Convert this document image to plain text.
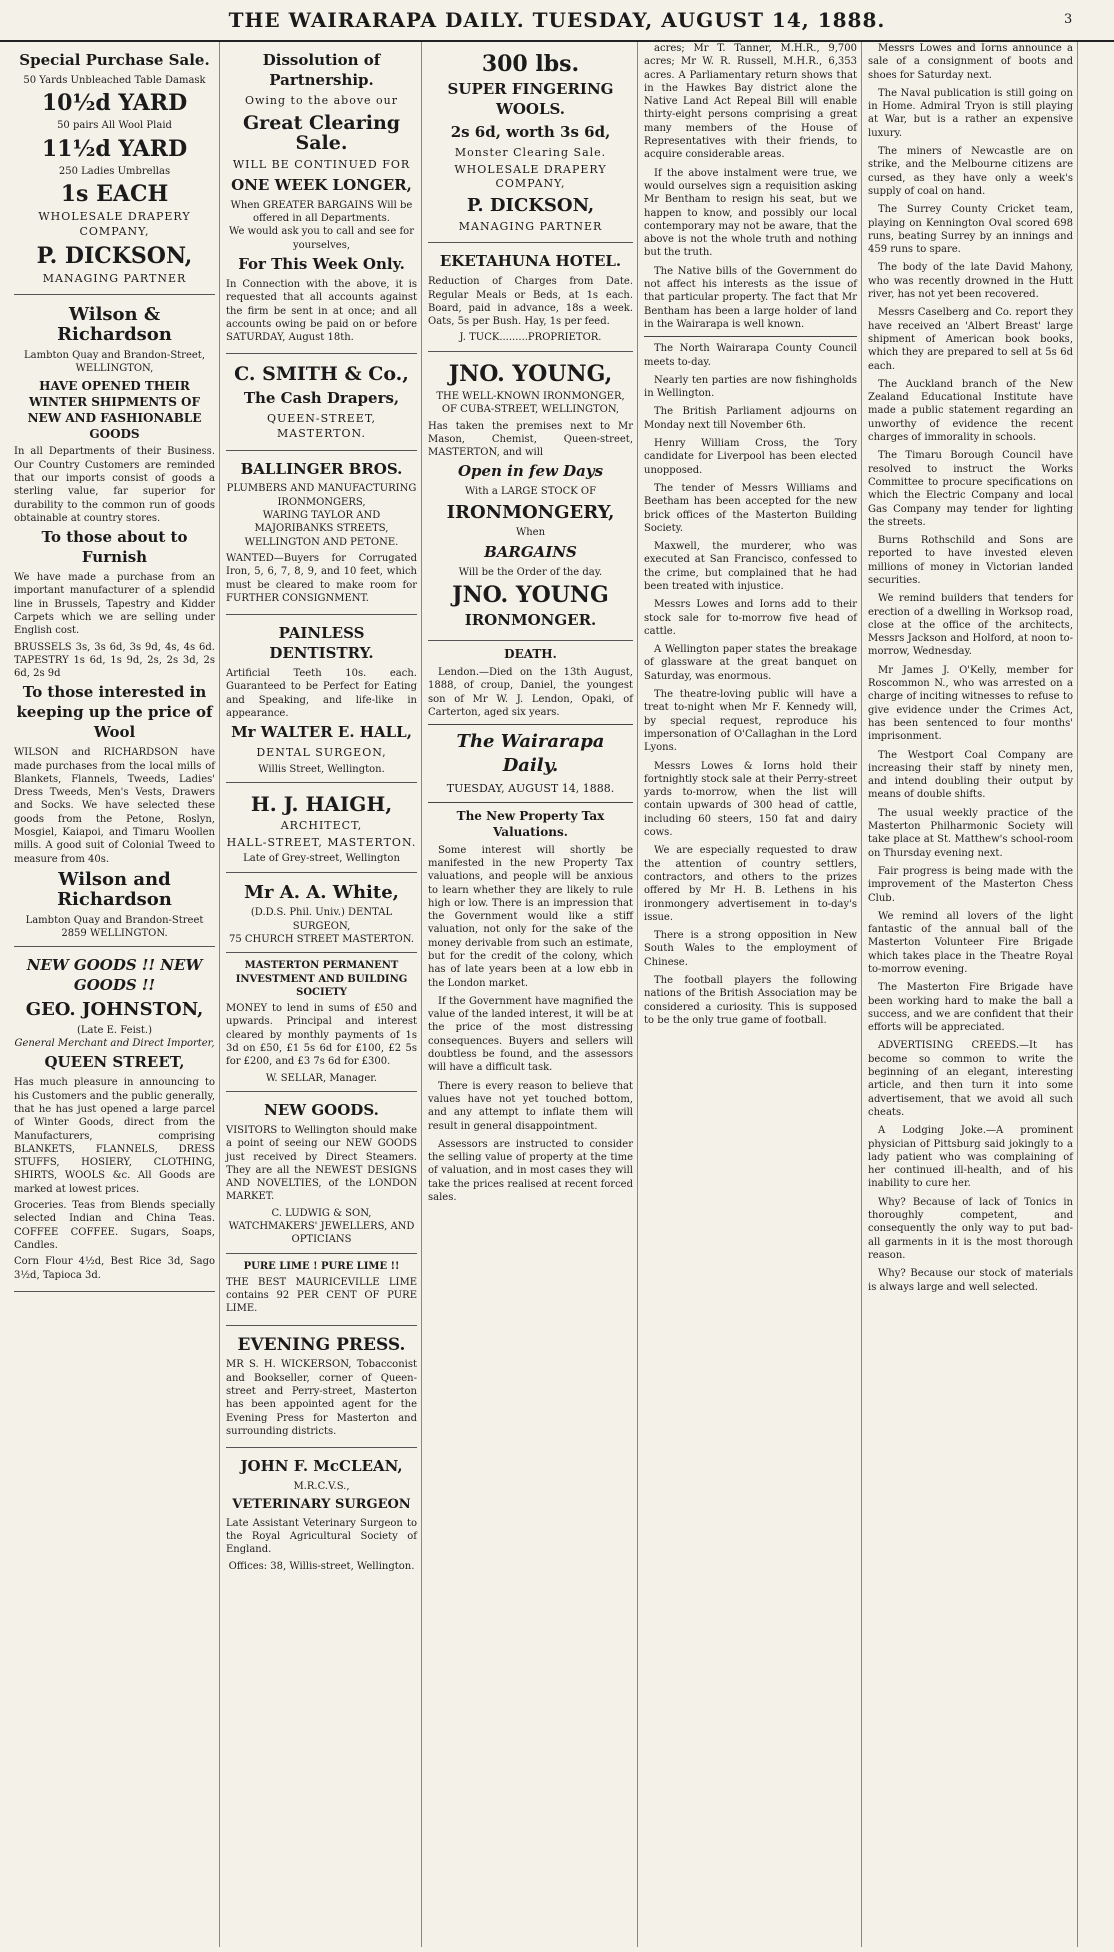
THE WAIRARAPA DAILY. TUESDAY, AUGUST 14, 1888.	3
Special Purchase Sale.
50 Yards Unbleached Table Damask
10½d YARD
50 pairs All Wool Plaid
11½d YARD
250 Ladies Umbrellas
1s EACH
WHOLESALE DRAPERY COMPANY,
P. DICKSON,
MANAGING PARTNER
Wilson & Richardson
Lambton Quay and Brandon-Street, WELLINGTON,
HAVE OPENED THEIR WINTER SHIPMENTS OF NEW AND FASHIONABLE GOODS

In all Departments of their Business. Our Country Customers are reminded that our imports consist of goods a sterling value, far superior for durability to the common run of goods obtainable at country stores.

To those about to Furnish

We have made a purchase from an important manufacturer of a splendid line in Brussels, Tapestry and Kidder Carpets which we are selling under English cost.

BRUSSELS 3s, 3s 6d, 3s 9d, 4s, 4s 6d. TAPESTRY 1s 6d, 1s 9d, 2s, 2s 3d, 2s 6d, 2s 9d

To those interested in keeping up the price of Wool

WILSON and RICHARDSON have made purchases from the local mills of Blankets, Flannels, Tweeds, Ladies' Dress Tweeds, Men's Vests, Drawers and Socks. We have selected these goods from the Petone, Roslyn, Mosgiel, Kaiapoi, and Timaru Woollen mills. A good suit of Colonial Tweed to measure from 40s.

Wilson and Richardson
Lambton Quay and Brandon-Street 2859 WELLINGTON.
NEW GOODS !! NEW GOODS !!
GEO. JOHNSTON,
(Late E. Feist.)
General Merchant and Direct Importer,
QUEEN STREET,

Has much pleasure in announcing to his Customers and the public generally, that he has just opened a large parcel of Winter Goods, direct from the Manufacturers, comprising BLANKETS, FLANNELS, DRESS STUFFS, HOSIERY, CLOTHING, SHIRTS, WOOLS &c. All Goods are marked at lowest prices.

Groceries. Teas from Blends specially selected Indian and China Teas. COFFEE COFFEE. Sugars, Soaps, Candles.

Corn Flour 4½d, Best Rice 3d, Sago 3½d, Tapioca 3d.

Dissolution of Partnership.
Owing to the above our
Great Clearing Sale.
WILL BE CONTINUED FOR
ONE WEEK LONGER,
When GREATER BARGAINS Will be offered in all Departments.
We would ask you to call and see for yourselves,
For This Week Only.

In Connection with the above, it is requested that all accounts against the firm be sent in at once; and all accounts owing be paid on or before SATURDAY, August 18th.

C. SMITH & Co.,
The Cash Drapers,
QUEEN-STREET, MASTERTON.
BALLINGER BROS.
PLUMBERS AND MANUFACTURING IRONMONGERS,
WARING TAYLOR AND MAJORIBANKS STREETS, WELLINGTON AND PETONE.

WANTED—Buyers for Corrugated Iron, 5, 6, 7, 8, 9, and 10 feet, which must be cleared to make room for FURTHER CONSIGNMENT.

PAINLESS DENTISTRY.

Artificial Teeth 10s. each. Guaranteed to be Perfect for Eating and Speaking, and life-like in appearance.

Mr WALTER E. HALL,
DENTAL SURGEON,
Willis Street, Wellington.
H. J. HAIGH,
ARCHITECT,
HALL-STREET, MASTERTON.
Late of Grey-street, Wellington
Mr A. A. White,
(D.D.S. Phil. Univ.) DENTAL SURGEON,
75 CHURCH STREET MASTERTON.
MASTERTON PERMANENT INVESTMENT AND BUILDING SOCIETY

MONEY to lend in sums of £50 and upwards. Principal and interest cleared by monthly payments of 1s 3d on £50, £1 5s 6d for £100, £2 5s for £200, and £3 7s 6d for £300.

W. SELLAR, Manager.
NEW GOODS.

VISITORS to Wellington should make a point of seeing our NEW GOODS just received by Direct Steamers. They are all the NEWEST DESIGNS AND NOVELTIES, of the LONDON MARKET.

C. LUDWIG & SON, WATCHMAKERS' JEWELLERS, AND OPTICIANS
PURE LIME ! PURE LIME !!

THE BEST MAURICEVILLE LIME contains 92 PER CENT OF PURE LIME.

EVENING PRESS.

MR S. H. WICKERSON, Tobacconist and Bookseller, corner of Queen-street and Perry-street, Masterton has been appointed agent for the Evening Press for Masterton and surrounding districts.

JOHN F. McCLEAN,
M.R.C.V.S.,
VETERINARY SURGEON

Late Assistant Veterinary Surgeon to the Royal Agricultural Society of England.

Offices: 38, Willis-street, Wellington.
300 lbs.
SUPER FINGERING WOOLS.
2s 6d, worth 3s 6d,
Monster Clearing Sale.
WHOLESALE DRAPERY COMPANY,
P. DICKSON,
MANAGING PARTNER
EKETAHUNA HOTEL.

Reduction of Charges from Date. Regular Meals or Beds, at 1s each. Board, paid in advance, 18s a week. Oats, 5s per Bush. Hay, 1s per feed.

J. TUCK.........PROPRIETOR.
JNO. YOUNG,
THE WELL-KNOWN IRONMONGER, OF CUBA-STREET, WELLINGTON,

Has taken the premises next to Mr Mason, Chemist, Queen-street, MASTERTON, and will

Open in few Days
With a LARGE STOCK OF
IRONMONGERY,
When
BARGAINS
Will be the Order of the day.
JNO. YOUNG
IRONMONGER.
DEATH.

Lendon.—Died on the 13th August, 1888, of croup, Daniel, the youngest son of Mr W. J. Lendon, Opaki, of Carterton, aged six years.

The Wairarapa Daily.
TUESDAY, AUGUST 14, 1888.
The New Property Tax Valuations.

Some interest will shortly be manifested in the new Property Tax valuations, and people will be anxious to learn whether they are likely to rule high or low. There is an impression that the Government would like a stiff valuation, not only for the sake of the money derivable from such an estimate, but for the credit of the colony, which has of late years been at a low ebb in the London market.

If the Government have magnified the value of the landed interest, it will be at the price of the most distressing consequences. Buyers and sellers will doubtless be found, and the assessors will have a difficult task.

There is every reason to believe that values have not yet touched bottom, and any attempt to inflate them will result in general disappointment.

Assessors are instructed to consider the selling value of property at the time of valuation, and in most cases they will take the prices realised at recent forced sales.

acres; Mr T. Tanner, M.H.R., 9,700 acres; Mr W. R. Russell, M.H.R., 6,353 acres. A Parliamentary return shows that in the Hawkes Bay district alone the Native Land Act Repeal Bill will enable thirty-eight persons comprising a great many members of the House of Representatives with their friends, to acquire considerable areas.

If the above instalment were true, we would ourselves sign a requisition asking Mr Bentham to resign his seat, but we happen to know, and possibly our local contemporary may not be aware, that the above is not the whole truth and nothing but the truth.

The Native bills of the Government do not affect his interests as the issue of that particular property. The fact that Mr Bentham has been a large holder of land in the Wairarapa is well known.

The North Wairarapa County Council meets to-day.

Nearly ten parties are now fishingholds in Wellington.

The British Parliament adjourns on Monday next till November 6th.

Henry William Cross, the Tory candidate for Liverpool has been elected unopposed.

The tender of Messrs Williams and Beetham has been accepted for the new brick offices of the Masterton Building Society.

Maxwell, the murderer, who was executed at San Francisco, confessed to the crime, but complained that he had been treated with injustice.

Messrs Lowes and Iorns add to their stock sale for to-morrow five head of cattle.

A Wellington paper states the breakage of glassware at the great banquet on Saturday, was enormous.

The theatre-loving public will have a treat to-night when Mr F. Kennedy will, by special request, reproduce his impersonation of O'Callaghan in the Lord Lyons.

Messrs Lowes & Iorns hold their fortnightly stock sale at their Perry-street yards to-morrow, when the list will contain upwards of 300 head of cattle, including 60 steers, 150 fat and dairy cows.

We are especially requested to draw the attention of country settlers, contractors, and others to the prizes offered by Mr H. B. Lethens in his ironmongery advertisement in to-day's issue.

There is a strong opposition in New South Wales to the employment of Chinese.

The football players the following nations of the British Association may be considered a curiosity. This is supposed to be the only true game of football.

Messrs Lowes and Iorns announce a sale of a consignment of boots and shoes for Saturday next.

The Naval publication is still going on in Home. Admiral Tryon is still playing at War, but is a rather an expensive luxury.

The miners of Newcastle are on strike, and the Melbourne citizens are cursed, as they have only a week's supply of coal on hand.

The Surrey County Cricket team, playing on Kennington Oval scored 698 runs, beating Surrey by an innings and 459 runs to spare.

The body of the late David Mahony, who was recently drowned in the Hutt river, has not yet been recovered.

Messrs Caselberg and Co. report they have received an 'Albert Breast' large shipment of American book books, which they are prepared to sell at 5s 6d each.

The Auckland branch of the New Zealand Educational Institute have made a public statement regarding an unworthy of evidence the recent charges of immorality in schools.

The Timaru Borough Council have resolved to instruct the Works Committee to procure specifications on which the Electric Company and local Gas Company may tender for lighting the streets.

Burns Rothschild and Sons are reported to have invested eleven millions of money in Victorian landed securities.

We remind builders that tenders for erection of a dwelling in Worksop road, close at the office of the architects, Messrs Jackson and Holford, at noon to-morrow, Wednesday.

Mr James J. O'Kelly, member for Roscommon N., who was arrested on a charge of inciting witnesses to refuse to give evidence under the Crimes Act, has been sentenced to four months' imprisonment.

The Westport Coal Company are increasing their staff by ninety men, and intend doubling their output by means of double shifts.

The usual weekly practice of the Masterton Philharmonic Society will take place at St. Matthew's school-room on Thursday evening next.

Fair progress is being made with the improvement of the Masterton Chess Club.

We remind all lovers of the light fantastic of the annual ball of the Masterton Volunteer Fire Brigade which takes place in the Theatre Royal to-morrow evening.

The Masterton Fire Brigade have been working hard to make the ball a success, and we are confident that their efforts will be appreciated.

ADVERTISING CREEDS.—It has become so common to write the beginning of an elegant, interesting article, and then turn it into some advertisement, that we avoid all such cheats.

A Lodging Joke.—A prominent physician of Pittsburg said jokingly to a lady patient who was complaining of her continued ill-health, and of his inability to cure her.

Why? Because of lack of Tonics in thoroughly competent, and consequently the only way to put bad-all garments in it is the most thorough reason.

Why? Because our stock of materials is always large and well selected.
